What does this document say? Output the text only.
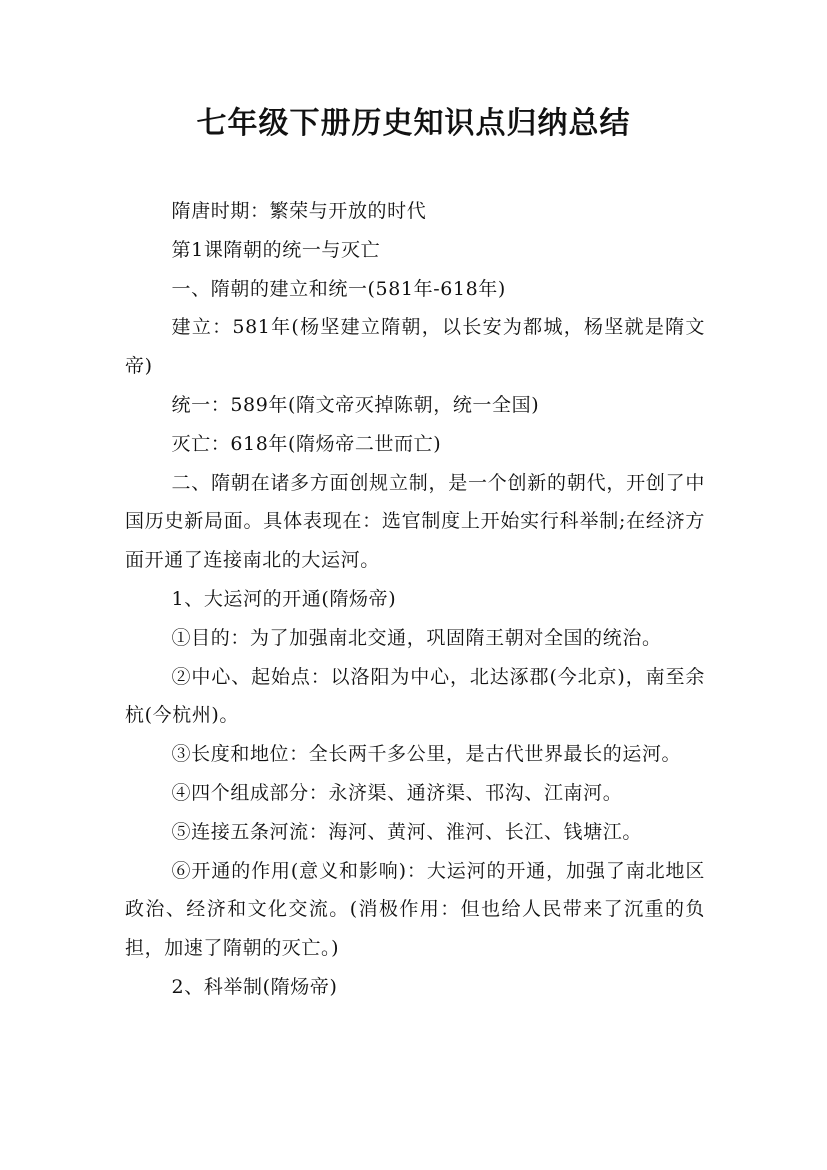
七年级下册历史知识点归纳总结

隋唐时期：繁荣与开放的时代

第1课隋朝的统一与灭亡

一、隋朝的建立和统一(581年-618年)

建立：581年(杨坚建立隋朝，以长安为都城，杨坚就是隋文帝)

统一：589年(隋文帝灭掉陈朝，统一全国)

灭亡：618年(隋炀帝二世而亡)

二、隋朝在诸多方面创规立制，是一个创新的朝代，开创了中国历史新局面。具体表现在：选官制度上开始实行科举制;在经济方面开通了连接南北的大运河。

1、大运河的开通(隋炀帝)

①目的：为了加强南北交通，巩固隋王朝对全国的统治。

②中心、起始点：以洛阳为中心，北达涿郡(今北京)，南至余杭(今杭州)。

③长度和地位：全长两千多公里，是古代世界最长的运河。

④四个组成部分：永济渠、通济渠、邗沟、江南河。

⑤连接五条河流：海河、黄河、淮河、长江、钱塘江。

⑥开通的作用(意义和影响)：大运河的开通，加强了南北地区政治、经济和文化交流。(消极作用：但也给人民带来了沉重的负担，加速了隋朝的灭亡。)

2、科举制(隋炀帝)
